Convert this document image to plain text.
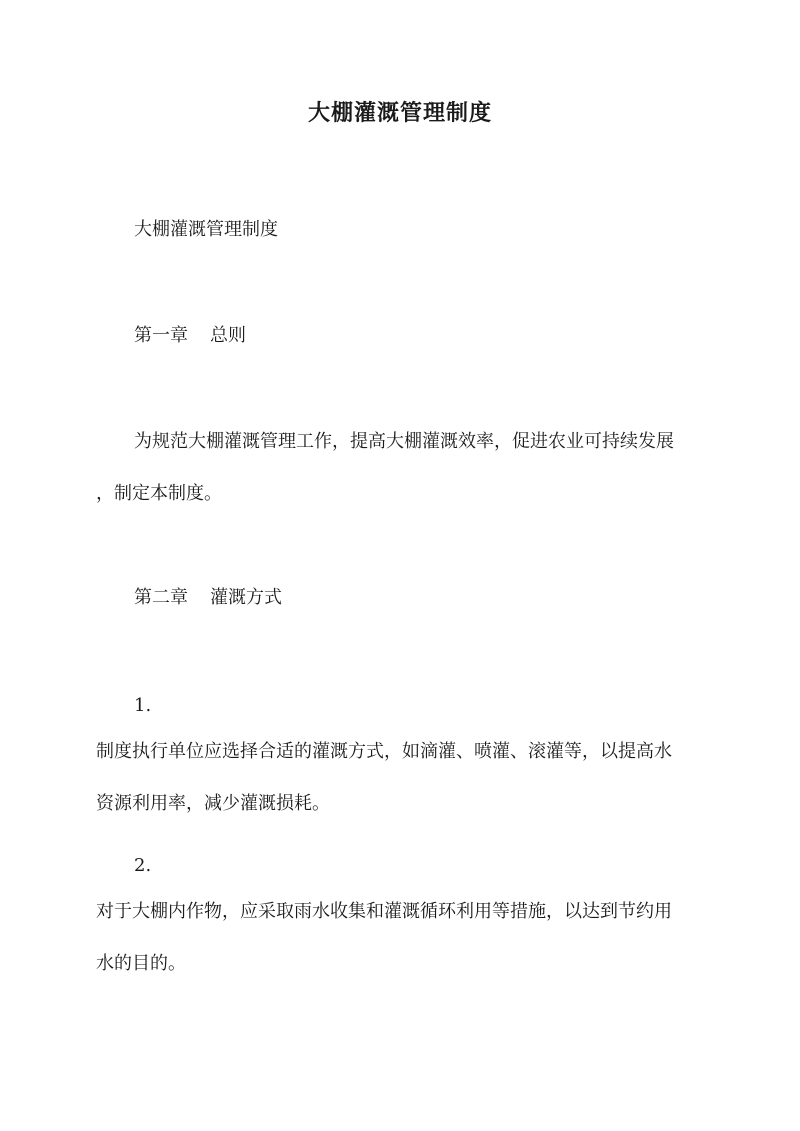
大棚灌溉管理制度

大棚灌溉管理制度

第一章 总则

为规范大棚灌溉管理工作，提高大棚灌溉效率，促进农业可持续发展

，制定本制度。

第二章 灌溉方式

1.

制度执行单位应选择合适的灌溉方式，如滴灌、喷灌、滚灌等，以提高水

资源利用率，减少灌溉损耗。

2.

对于大棚内作物，应采取雨水收集和灌溉循环利用等措施，以达到节约用

水的目的。
